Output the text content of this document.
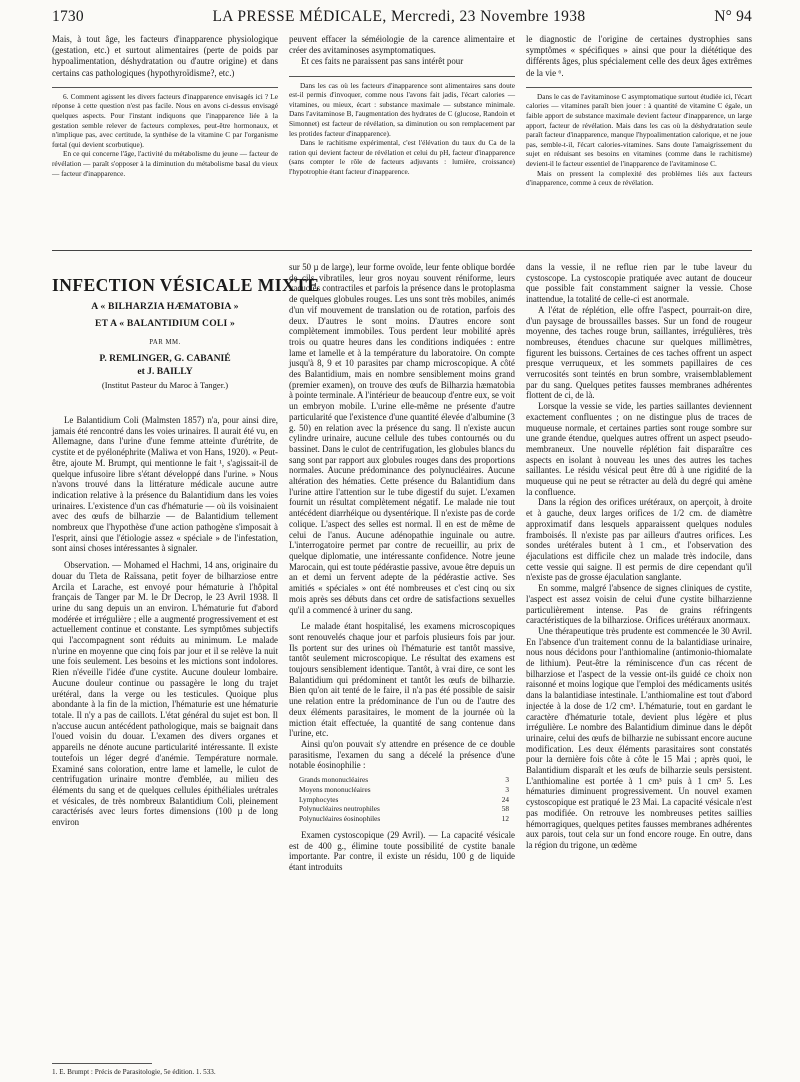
1730	LA PRESSE MÉDICALE, Mercredi, 23 Novembre 1938	N° 94

Mais, à tout âge, les facteurs d'inapparence physiologique (gestation, etc.) et surtout alimentaires (perte de poids par hypoalimentation, déshydratation ou d'autre origine) et dans certains cas pathologiques (hypothyroïdisme?, etc.)

6. Comment agissent les divers facteurs d'inapparence envisagés ici ? Le réponse à cette question n'est pas facile. Nous en avons ci-dessus envisagé quelques aspects. Pour l'instant indiquons que l'inapparence liée à la gestation semble relever de facteurs complexes, peut-être hormonaux, et n'implique pas, avec certitude, la synthèse de la vitamine C par l'organisme fœtal (qui devient scorbutique).

En ce qui concerne l'âge, l'activité du métabolisme du jeune — facteur de révélation — paraît s'opposer à la diminution du métabolisme basal du vieux — facteur d'inapparence.

peuvent effacer la séméiologie de la carence alimentaire et créer des avitaminoses asymptomatiques.

Et ces faits ne paraissent pas sans intérêt pour

Dans les cas où les facteurs d'inapparence sont alimentaires sans doute est-il permis d'invoquer, comme nous l'avons fait jadis, l'écart calories — vitamines, ou mieux, écart : substance maximale — substance minimale. Dans l'avitaminose B, l'augmentation des hydrates de C (glucose, Randoin et Simonnet) est facteur de révélation, sa diminution ou son remplacement par les protides facteur d'inapparence).

Dans le rachitisme expérimental, c'est l'élévation du taux du Ca de la ration qui devient facteur de révélation et celui du pH, facteur d'inapparence (sans compter le rôle de facteurs adjuvants : lumière, croissance) l'hypotrophie étant facteur d'inapparence.

le diagnostic de l'origine de certaines dystrophies sans symptômes « spécifiques » ainsi que pour la diététique des différents âges, plus spécialement celle des deux âges extrêmes de la vie ⁶.

Dans le cas de l'avitaminose C asymptomatique surtout étudiée ici, l'écart calories — vitamines paraît bien jouer : à quantité de vitamine C égale, un faible apport de substance maximale devient facteur d'inapparence, un large apport, facteur de révélation. Mais dans les cas où la déshydratation seule paraît facteur d'inapparence, manque l'hypoalimentation calorique, et ne joue pas, semble-t-il, l'écart calories-vitamines. Sans doute l'amaigrissement du sujet en réduisant ses besoins en vitamines (comme dans le rachitisme) devient-il le facteur essentiel de l'inapparence de l'avitaminose C.

Mais on pressent la complexité des problèmes liés aux facteurs d'inapparence, comme à ceux de révélation.

INFECTION VÉSICALE MIXTE
A « BILHARZIA HÆMATOBIA »
ET A « BALANTIDIUM COLI »
PAR MM.
P. REMLINGER, G. CABANIÉ
et J. BAILLY
(Institut Pasteur du Maroc à Tanger.)

Le Balantidium Coli (Malmsten 1857) n'a, pour ainsi dire, jamais été rencontré dans les voies urinaires. Il aurait été vu, en Allemagne, dans l'urine d'une femme atteinte d'urétrite, de cystite et de pyélonéphrite (Maliwa et von Hans, 1920). « Peut-être, ajoute M. Brumpt, qui mentionne le fait ¹, s'agissait-il de quelque infusoire libre s'étant développé dans l'urine. » Nous n'avons trouvé dans la littérature médicale aucune autre indication relative à la présence du Balantidium dans les voies urinaires. L'existence d'un cas d'hématurie — où ils voisinaient avec des œufs de bilharzie — de Balantidium tellement nombreux que l'hypothèse d'une action pathogène s'imposait à l'esprit, ainsi que l'étiologie assez « spéciale » de l'infestation, sont ainsi choses intéressantes à signaler.

Observation. — Mohamed el Hachmi, 14 ans, originaire du douar du Tleta de Raïssana, petit foyer de bilharziose entre Arcila et Larache, est envoyé pour hématurie à l'hôpital français de Tanger par M. le Dr Decrop, le 23 Avril 1938. Il urine du sang depuis un an environ. L'hématurie fut d'abord modérée et irrégulière ; elle a augmenté progressivement et est actuellement continue et constante. Les symptômes subjectifs qui l'accompagnent sont réduits au minimum. Le malade n'urine en moyenne que cinq fois par jour et il se relève la nuit une fois seulement. Les besoins et les mictions sont indolores. Rien n'éveille l'idée d'une cystite. Aucune douleur lombaire. Aucune douleur continue ou passagère le long du trajet urétéral, dans la verge ou les testicules. Quoique plus abondante à la fin de la miction, l'hématurie est une hématurie totale. Il n'y a pas de caillots. L'état général du sujet est bon. Il n'accuse aucun antécédent pathologique, mais se baignait dans l'oued voisin du douar. L'examen des divers organes et appareils ne dénote aucune particularité intéressante. Il existe toutefois un léger degré d'anémie. Température normale. Examiné sans coloration, entre lame et lamelle, le culot de centrifugation urinaire montre d'emblée, au milieu des éléments du sang et de quelques cellules épithéliales urétrales et vésicales, de très nombreux Balantidium Coli, pleinement caractérisés avec leurs fortes dimensions (100 µ de long environ

1. E. Brumpt : Précis de Parasitologie, 5e édition. 1. 533.

sur 50 µ de large), leur forme ovoïde, leur fente oblique bordée de cils vibratiles, leur gros noyau souvent réniforme, leurs vacuoles contractiles et parfois la présence dans le protoplasma de quelques globules rouges. Les uns sont très mobiles, animés d'un vif mouvement de translation ou de rotation, parfois des deux. D'autres le sont moins. D'autres encore sont complètement immobiles. Tous perdent leur mobilité après trois ou quatre heures dans les conditions indiquées : entre lame et lamelle et à la température du laboratoire. On compte jusqu'à 8, 9 et 10 parasites par champ microscopique. A côté des Balantidium, mais en nombre sensiblement moins grand (premier examen), on trouve des œufs de Bilharzia hæmatobia à pointe terminale. A l'intérieur de beaucoup d'entre eux, se voit un embryon mobile. L'urine elle-même ne présente d'autre particularité que l'existence d'une quantité élevée d'albumine (3 g. 50) en relation avec la présence du sang. Il n'existe aucun cylindre urinaire, aucune cellule des tubes contournés ou du bassinet. Dans le culot de centrifugation, les globules blancs du sang sont par rapport aux globules rouges dans des proportions normales. Aucune prédominance des polynucléaires. Aucune altération des hématies. Cette présence du Balantidium dans l'urine attire l'attention sur le tube digestif du sujet. L'examen fournit un résultat complètement négatif. Le malade nie tout antécédent diarrhéique ou dysentérique. Il n'existe pas de corde colique. L'aspect des selles est normal. Il en est de même de celui de l'anus. Aucune adénopathie inguinale ou autre. L'interrogatoire permet par contre de recueillir, au prix de quelque diplomatie, une intéressante confidence. Notre jeune Marocain, qui est toute pédérastie passive, avoue être depuis un an et demi un fervent adepte de la pédérastie active. Ses amitiés « spéciales » ont été nombreuses et c'est cinq ou six mois après ses débuts dans cet ordre de satisfactions sexuelles qu'il a commencé à uriner du sang.

Le malade étant hospitalisé, les examens microscopiques sont renouvelés chaque jour et parfois plusieurs fois par jour. Ils portent sur des urines où l'hématurie est tantôt massive, tantôt seulement microscopique. Le résultat des examens est toujours sensiblement identique. Tantôt, à vrai dire, ce sont les Balantidium qui prédominent et tantôt les œufs de bilharzie. Bien qu'on ait tenté de le faire, il n'a pas été possible de saisir une relation entre la prédominance de l'un ou de l'autre des deux éléments parasitaires, le moment de la journée où la miction était effectuée, la quantité de sang contenue dans l'urine, etc.

Ainsi qu'on pouvait s'y attendre en présence de ce double parasitisme, l'examen du sang a décelé la présence d'une notable éosinophilie :

Grands mononucléaires	3
Moyens mononucléaires	3
Lymphocytes	24
Polynucléaires neutrophiles	58
Polynucléaires éosinophiles	12

Examen cystoscopique (29 Avril). — La capacité vésicale est de 400 g., élimine toute possibilité de cystite banale importante. Par contre, il existe un résidu, 100 g de liquide étant introduits

dans la vessie, il ne reflue rien par le tube laveur du cystoscope. La cystoscopie pratiquée avec autant de douceur que possible fait constamment saigner la vessie. Chose inattendue, la totalité de celle-ci est anormale.

A l'état de réplétion, elle offre l'aspect, pourrait-on dire, d'un paysage de broussailles basses. Sur un fond de rougeur moyenne, des taches rouge brun, saillantes, irrégulières, très nombreuses, étendues chacune sur quelques millimètres, figurent les buissons. Certaines de ces taches offrent un aspect presque verruqueux, et les sommets papillaires de ces verrucosités sont teintés en brun sombre, vraisemblablement par du sang. Quelques petites fausses membranes adhérentes flottent de ci, de là.

Lorsque la vessie se vide, les parties saillantes deviennent exactement confluentes ; on ne distingue plus de traces de muqueuse normale, et certaines parties sont rouge sombre sur une grande étendue, quelques autres offrent un aspect pseudo-membraneux. Une nouvelle réplétion fait disparaître ces aspects en isolant à nouveau les unes des autres les taches saillantes. Le résidu vésical peut être dû à une rigidité de la muqueuse qui ne peut se rétracter au delà du degré qui amène la confluence.

Dans la région des orifices urétéraux, on aperçoit, à droite et à gauche, deux larges orifices de 1/2 cm. de diamètre approximatif dans lesquels apparaissent quelques nodules framboisés. Il n'existe pas par ailleurs d'autres orifices. Les sondes urétérales butent à 1 cm., et l'observation des éjaculations est difficile chez un malade très indocile, dans cette vessie qui saigne. Il est permis de dire cependant qu'il n'existe pas de grosse éjaculation sanglante.

En somme, malgré l'absence de signes cliniques de cystite, l'aspect est assez voisin de celui d'une cystite bilharzienne particulièrement intense. Pas de grains réfringents caractéristiques de la bilharziose. Orifices urétéraux anormaux.

Une thérapeutique très prudente est commencée le 30 Avril. En l'absence d'un traitement connu de la balantidiase urinaire, nous nous décidons pour l'anthiomaline (antimonio-thiomalate de lithium). Peut-être la réminiscence d'un cas récent de bilharziose et l'aspect de la vessie ont-ils guidé ce choix non raisonné et moins logique que l'emploi des médicaments usités dans la balantidiase intestinale. L'anthiomaline est tout d'abord injectée à la dose de 1/2 cm³. L'hématurie, tout en gardant le caractère d'hématurie totale, devient plus légère et plus irrégulière. Le nombre des Balantidium diminue dans le dépôt urinaire, celui des œufs de bilharzie ne subissant encore aucune modification. Les deux éléments parasitaires sont constatés pour la dernière fois côte à côte le 15 Mai ; après quoi, le Balantidium disparaît et les œufs de bilharzie seuls persistent. L'anthiomaline est portée à 1 cm³ puis à 1 cm³ 5. Les hématuries diminuent progressivement. Un nouvel examen cystoscopique est pratiqué le 23 Mai. La capacité vésicale n'est pas modifiée. On retrouve les nombreuses petites saillies hémorragiques, quelques petites fausses membranes adhérentes aux parois, tout cela sur un fond encore rouge. En outre, dans la région du trigone, un œdème
